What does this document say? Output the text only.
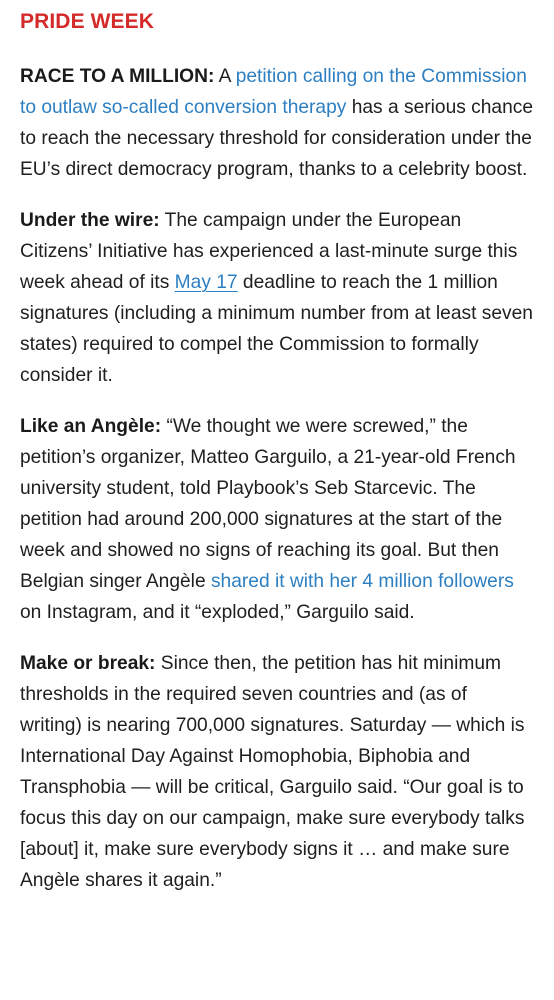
PRIDE WEEK

RACE TO A MILLION: A petition calling on the Commission to outlaw so-called conversion therapy has a serious chance to reach the necessary threshold for consideration under the EU’s direct democracy program, thanks to a celebrity boost.

Under the wire: The campaign under the European Citizens’ Initiative has experienced a last-minute surge this week ahead of its May 17 deadline to reach the 1 million signatures (including a minimum number from at least seven states) required to compel the Commission to formally consider it.

Like an Angèle: “We thought we were screwed,” the petition’s organizer, Matteo Garguilo, a 21-year-old French university student, told Playbook’s Seb Starcevic. The petition had around 200,000 signatures at the start of the week and showed no signs of reaching its goal. But then Belgian singer Angèle shared it with her 4 million followers on Instagram, and it “exploded,” Garguilo said.

Make or break: Since then, the petition has hit minimum thresholds in the required seven countries and (as of writing) is nearing 700,000 signatures. Saturday — which is International Day Against Homophobia, Biphobia and Transphobia — will be critical, Garguilo said. “Our goal is to focus this day on our campaign, make sure everybody talks [about] it, make sure everybody signs it … and make sure Angèle shares it again.”
